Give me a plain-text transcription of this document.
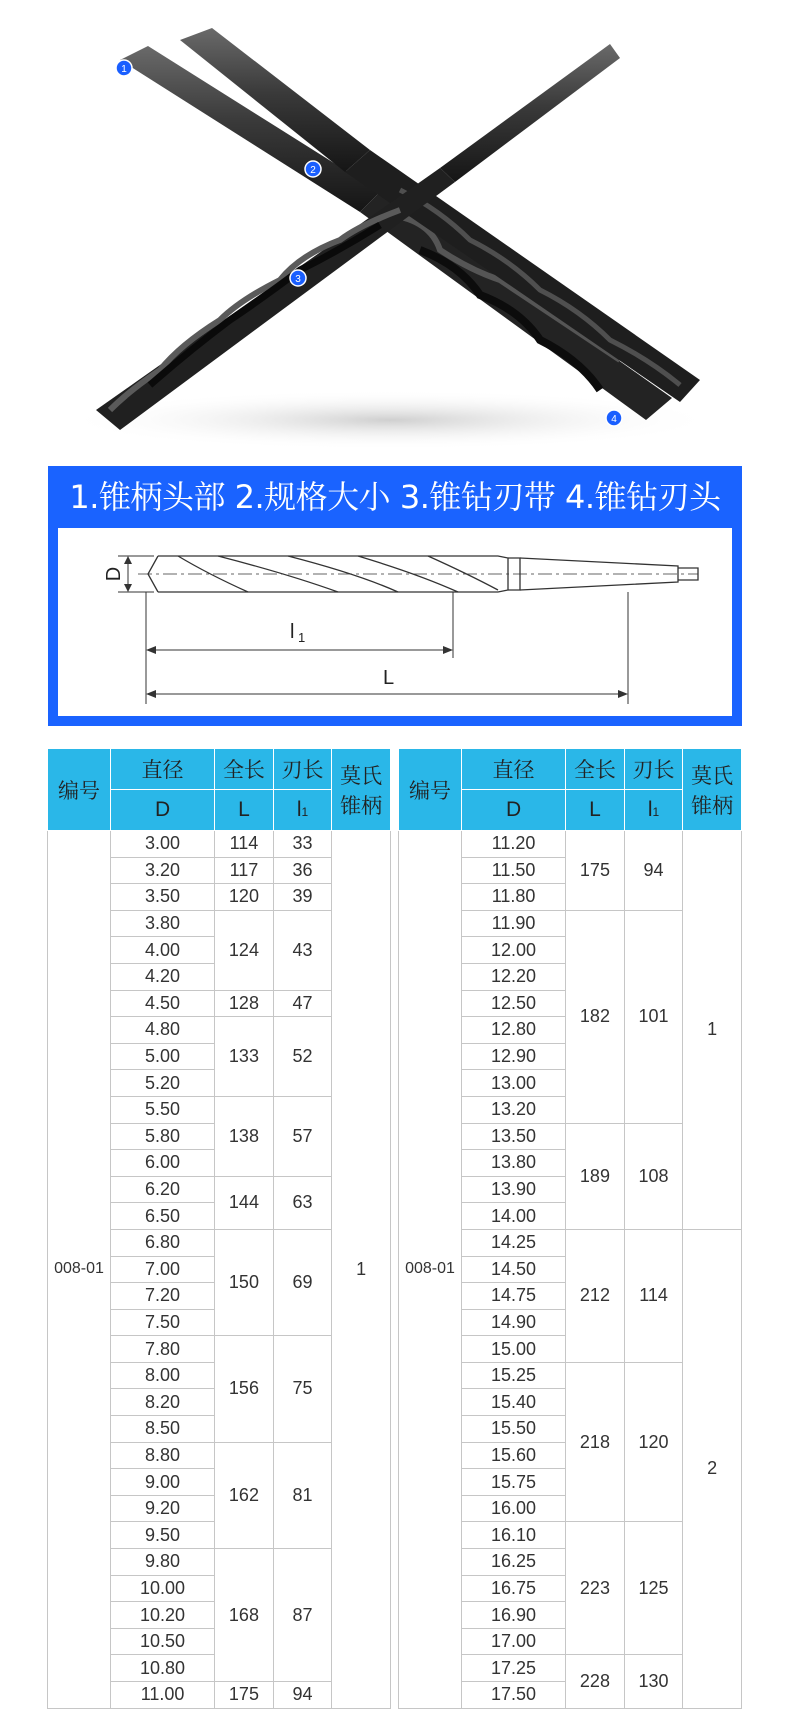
1
2
3
4
1.锥柄头部 2.规格大小 3.锥钻刃带 4.锥钻刃头
D
l 1
L
编号	直径	全长	刃长	莫氏
锥柄
	D	L	l1	
008-01	3.00	114	33	1
	3.20	117	36	
	3.50	120	39	
	3.80	124	43	
	4.00			
	4.20			
	4.50	128	47	
	4.80	133	52	
	5.00			
	5.20			
	5.50	138	57	
	5.80			
	6.00			
	6.20	144	63	
	6.50			
	6.80	150	69	
	7.00			
	7.20			
	7.50			
	7.80	156	75	
	8.00			
	8.20			
	8.50			
	8.80	162	81	
	9.00			
	9.20			
	9.50			
	9.80	168	87	
	10.00			
	10.20			
	10.50			
	10.80			
	11.00	175	94	
编号	直径	全长	刃长	莫氏
锥柄
	D	L	l1	
008-01	11.20	175	94	1
	11.50			
	11.80			
	11.90	182	101	
	12.00			
	12.20			
	12.50			
	12.80			
	12.90			
	13.00			
	13.20			
	13.50	189	108	
	13.80			
	13.90			
	14.00			
	14.25	212	114	2
	14.50			
	14.75			
	14.90			
	15.00			
	15.25	218	120	
	15.40			
	15.50			
	15.60			
	15.75			
	16.00			
	16.10	223	125	
	16.25			
	16.75			
	16.90			
	17.00			
	17.25	228	130	
	17.50			
